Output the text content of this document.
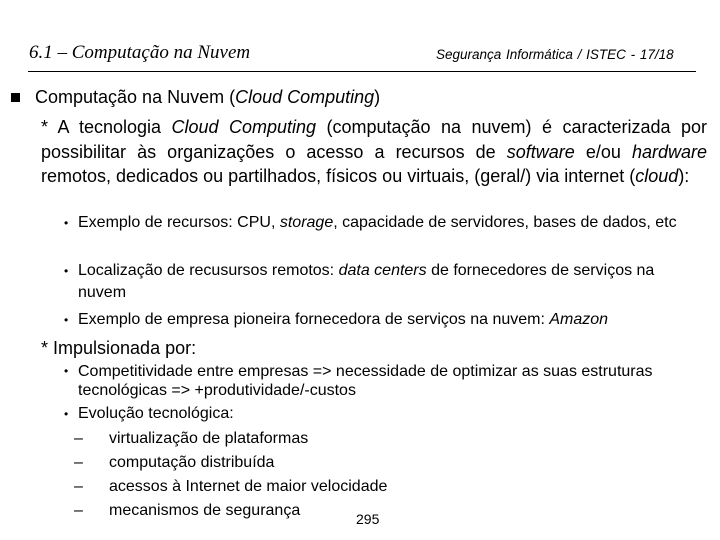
6.1 – Computação na Nuvem	Segurança Informática / ISTEC - 17/18
Computação na Nuvem (Cloud Computing)
* A tecnologia Cloud Computing (computação na nuvem) é caracterizada por possibilitar às organizações o acesso a recursos de software e/ou hardware remotos, dedicados ou partilhados, físicos ou virtuais, (geral/) via internet (cloud):
• Exemplo de recursos: CPU, storage, capacidade de servidores, bases de dados, etc
• Localização de recusursos remotos: data centers de fornecedores de serviços na nuvem
• Exemplo de empresa pioneira fornecedora de serviços na nuvem: Amazon
* Impulsionada por:
• Competitividade entre empresas => necessidade de optimizar as suas estruturas tecnológicas => +produtividade/-custos
• Evolução tecnológica:
– virtualização de plataformas
– computação distribuída
– acessos à Internet de maior velocidade
– mecanismos de segurança	295
